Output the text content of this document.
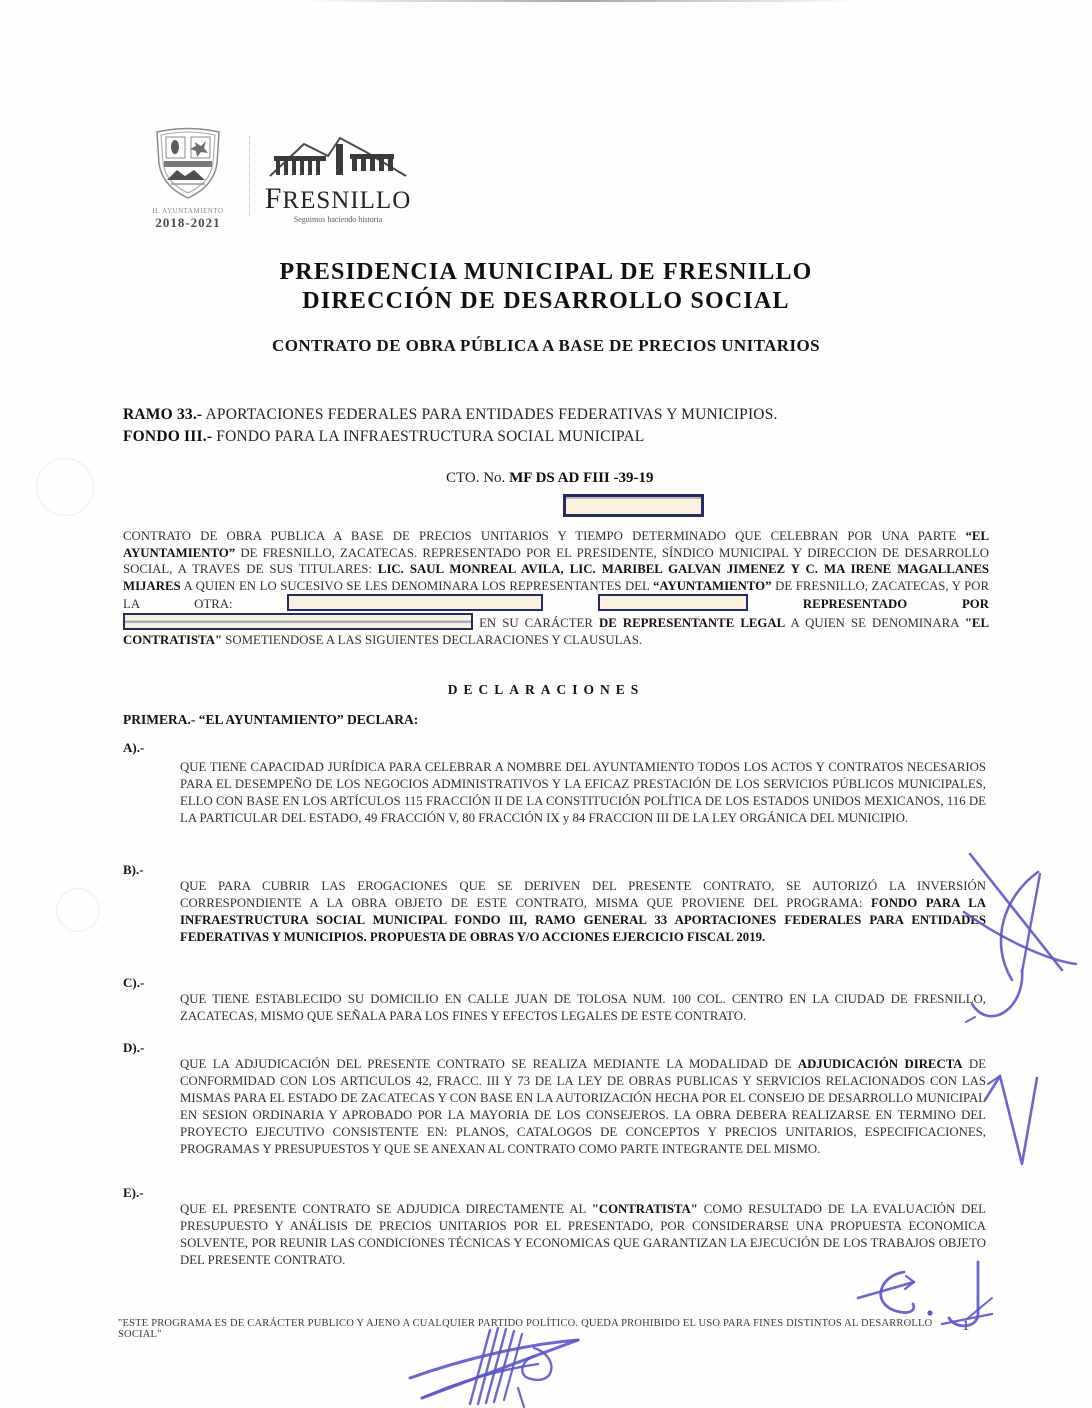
H. AYUNTAMIENTO
2018-2021
FRESNILLO
Seguimos haciendo historia
PRESIDENCIA MUNICIPAL DE FRESNILLO
DIRECCIÓN DE DESARROLLO SOCIAL
CONTRATO DE OBRA PÚBLICA A BASE DE PRECIOS UNITARIOS
RAMO 33.- APORTACIONES FEDERALES PARA ENTIDADES FEDERATIVAS Y MUNICIPIOS.
FONDO III.- FONDO PARA LA INFRAESTRUCTURA SOCIAL MUNICIPAL
CTO. No. MF DS AD FIII -39-19
CONTRATO DE OBRA PUBLICA A BASE DE PRECIOS UNITARIOS Y TIEMPO DETERMINADO QUE CELEBRAN POR UNA PARTE “EL AYUNTAMIENTO” DE FRESNILLO, ZACATECAS. REPRESENTADO POR EL PRESIDENTE, SÍNDICO MUNICIPAL Y DIRECCION DE DESARROLLO SOCIAL, A TRAVES DE SUS TITULARES: LIC. SAUL MONREAL AVILA, LIC. MARIBEL GALVAN JIMENEZ Y C. MA IRENE MAGALLANES MIJARES A QUIEN EN LO SUCESIVO SE LES DENOMINARA LOS REPRESENTANTES DEL “AYUNTAMIENTO” DE FRESNILLO, ZACATECAS, Y POR LA OTRA:	REPRESENTADO POR  EN SU CARÁCTER DE REPRESENTANTE LEGAL A QUIEN SE DENOMINARA "EL CONTRATISTA" SOMETIENDOSE A LAS SIGUIENTES DECLARACIONES Y CLAUSULAS.
DECLARACIONES
PRIMERA.- “EL AYUNTAMIENTO” DECLARA:
A).-
QUE TIENE CAPACIDAD JURÍDICA PARA CELEBRAR A NOMBRE DEL AYUNTAMIENTO TODOS LOS ACTOS Y CONTRATOS NECESARIOS PARA EL DESEMPEÑO DE LOS NEGOCIOS ADMINISTRATIVOS Y LA EFICAZ PRESTACIÓN DE LOS SERVICIOS PÚBLICOS MUNICIPALES, ELLO CON BASE EN LOS ARTÍCULOS 115 FRACCIÓN II DE LA CONSTITUCIÓN POLÍTICA DE LOS ESTADOS UNIDOS MEXICANOS, 116 DE LA PARTICULAR DEL ESTADO, 49 FRACCIÓN V, 80 FRACCIÓN IX y 84 FRACCION III DE LA LEY ORGÁNICA DEL MUNICIPIO.
B).-
QUE PARA CUBRIR LAS EROGACIONES QUE SE DERIVEN DEL PRESENTE CONTRATO, SE AUTORIZÓ LA INVERSIÓN CORRESPONDIENTE A LA OBRA OBJETO DE ESTE CONTRATO, MISMA QUE PROVIENE DEL PROGRAMA: FONDO PARA LA INFRAESTRUCTURA SOCIAL MUNICIPAL FONDO III, RAMO GENERAL 33 APORTACIONES FEDERALES PARA ENTIDADES FEDERATIVAS Y MUNICIPIOS. PROPUESTA DE OBRAS Y/O ACCIONES EJERCICIO FISCAL 2019.
C).-
QUE TIENE ESTABLECIDO SU DOMICILIO EN CALLE JUAN DE TOLOSA NUM. 100 COL. CENTRO EN LA CIUDAD DE FRESNILLO, ZACATECAS, MISMO QUE SEÑALA PARA LOS FINES Y EFECTOS LEGALES DE ESTE CONTRATO.
D).-
QUE LA ADJUDICACIÓN DEL PRESENTE CONTRATO SE REALIZA MEDIANTE LA MODALIDAD DE ADJUDICACIÓN DIRECTA DE CONFORMIDAD CON LOS ARTICULOS 42, FRACC. III Y 73 DE LA LEY DE OBRAS PUBLICAS Y SERVICIOS RELACIONADOS CON LAS MISMAS PARA EL ESTADO DE ZACATECAS Y CON BASE EN LA AUTORIZACIÓN HECHA POR EL CONSEJO DE DESARROLLO MUNICIPAL EN SESION ORDINARIA Y APROBADO POR LA MAYORIA DE LOS CONSEJEROS. LA OBRA DEBERA REALIZARSE EN TERMINO DEL PROYECTO EJECUTIVO CONSISTENTE EN: PLANOS, CATALOGOS DE CONCEPTOS Y PRECIOS UNITARIOS, ESPECIFICACIONES, PROGRAMAS Y PRESUPUESTOS Y QUE SE ANEXAN AL CONTRATO COMO PARTE INTEGRANTE DEL MISMO.
E).-
QUE EL PRESENTE CONTRATO SE ADJUDICA DIRECTAMENTE AL "CONTRATISTA" COMO RESULTADO DE LA EVALUACIÓN DEL PRESUPUESTO Y ANÁLISIS DE PRECIOS UNITARIOS POR EL PRESENTADO, POR CONSIDERARSE UNA PROPUESTA ECONOMICA SOLVENTE, POR REUNIR LAS CONDICIONES TÉCNICAS Y ECONOMICAS QUE GARANTIZAN LA EJECUCIÓN DE LOS TRABAJOS OBJETO DEL PRESENTE CONTRATO.
"ESTE PROGRAMA ES DE CARÁCTER PUBLICO Y AJENO A CUALQUIER PARTIDO POLÍTICO. QUEDA PROHIBIDO EL USO PARA FINES DISTINTOS AL DESARROLLO SOCIAL"
1
